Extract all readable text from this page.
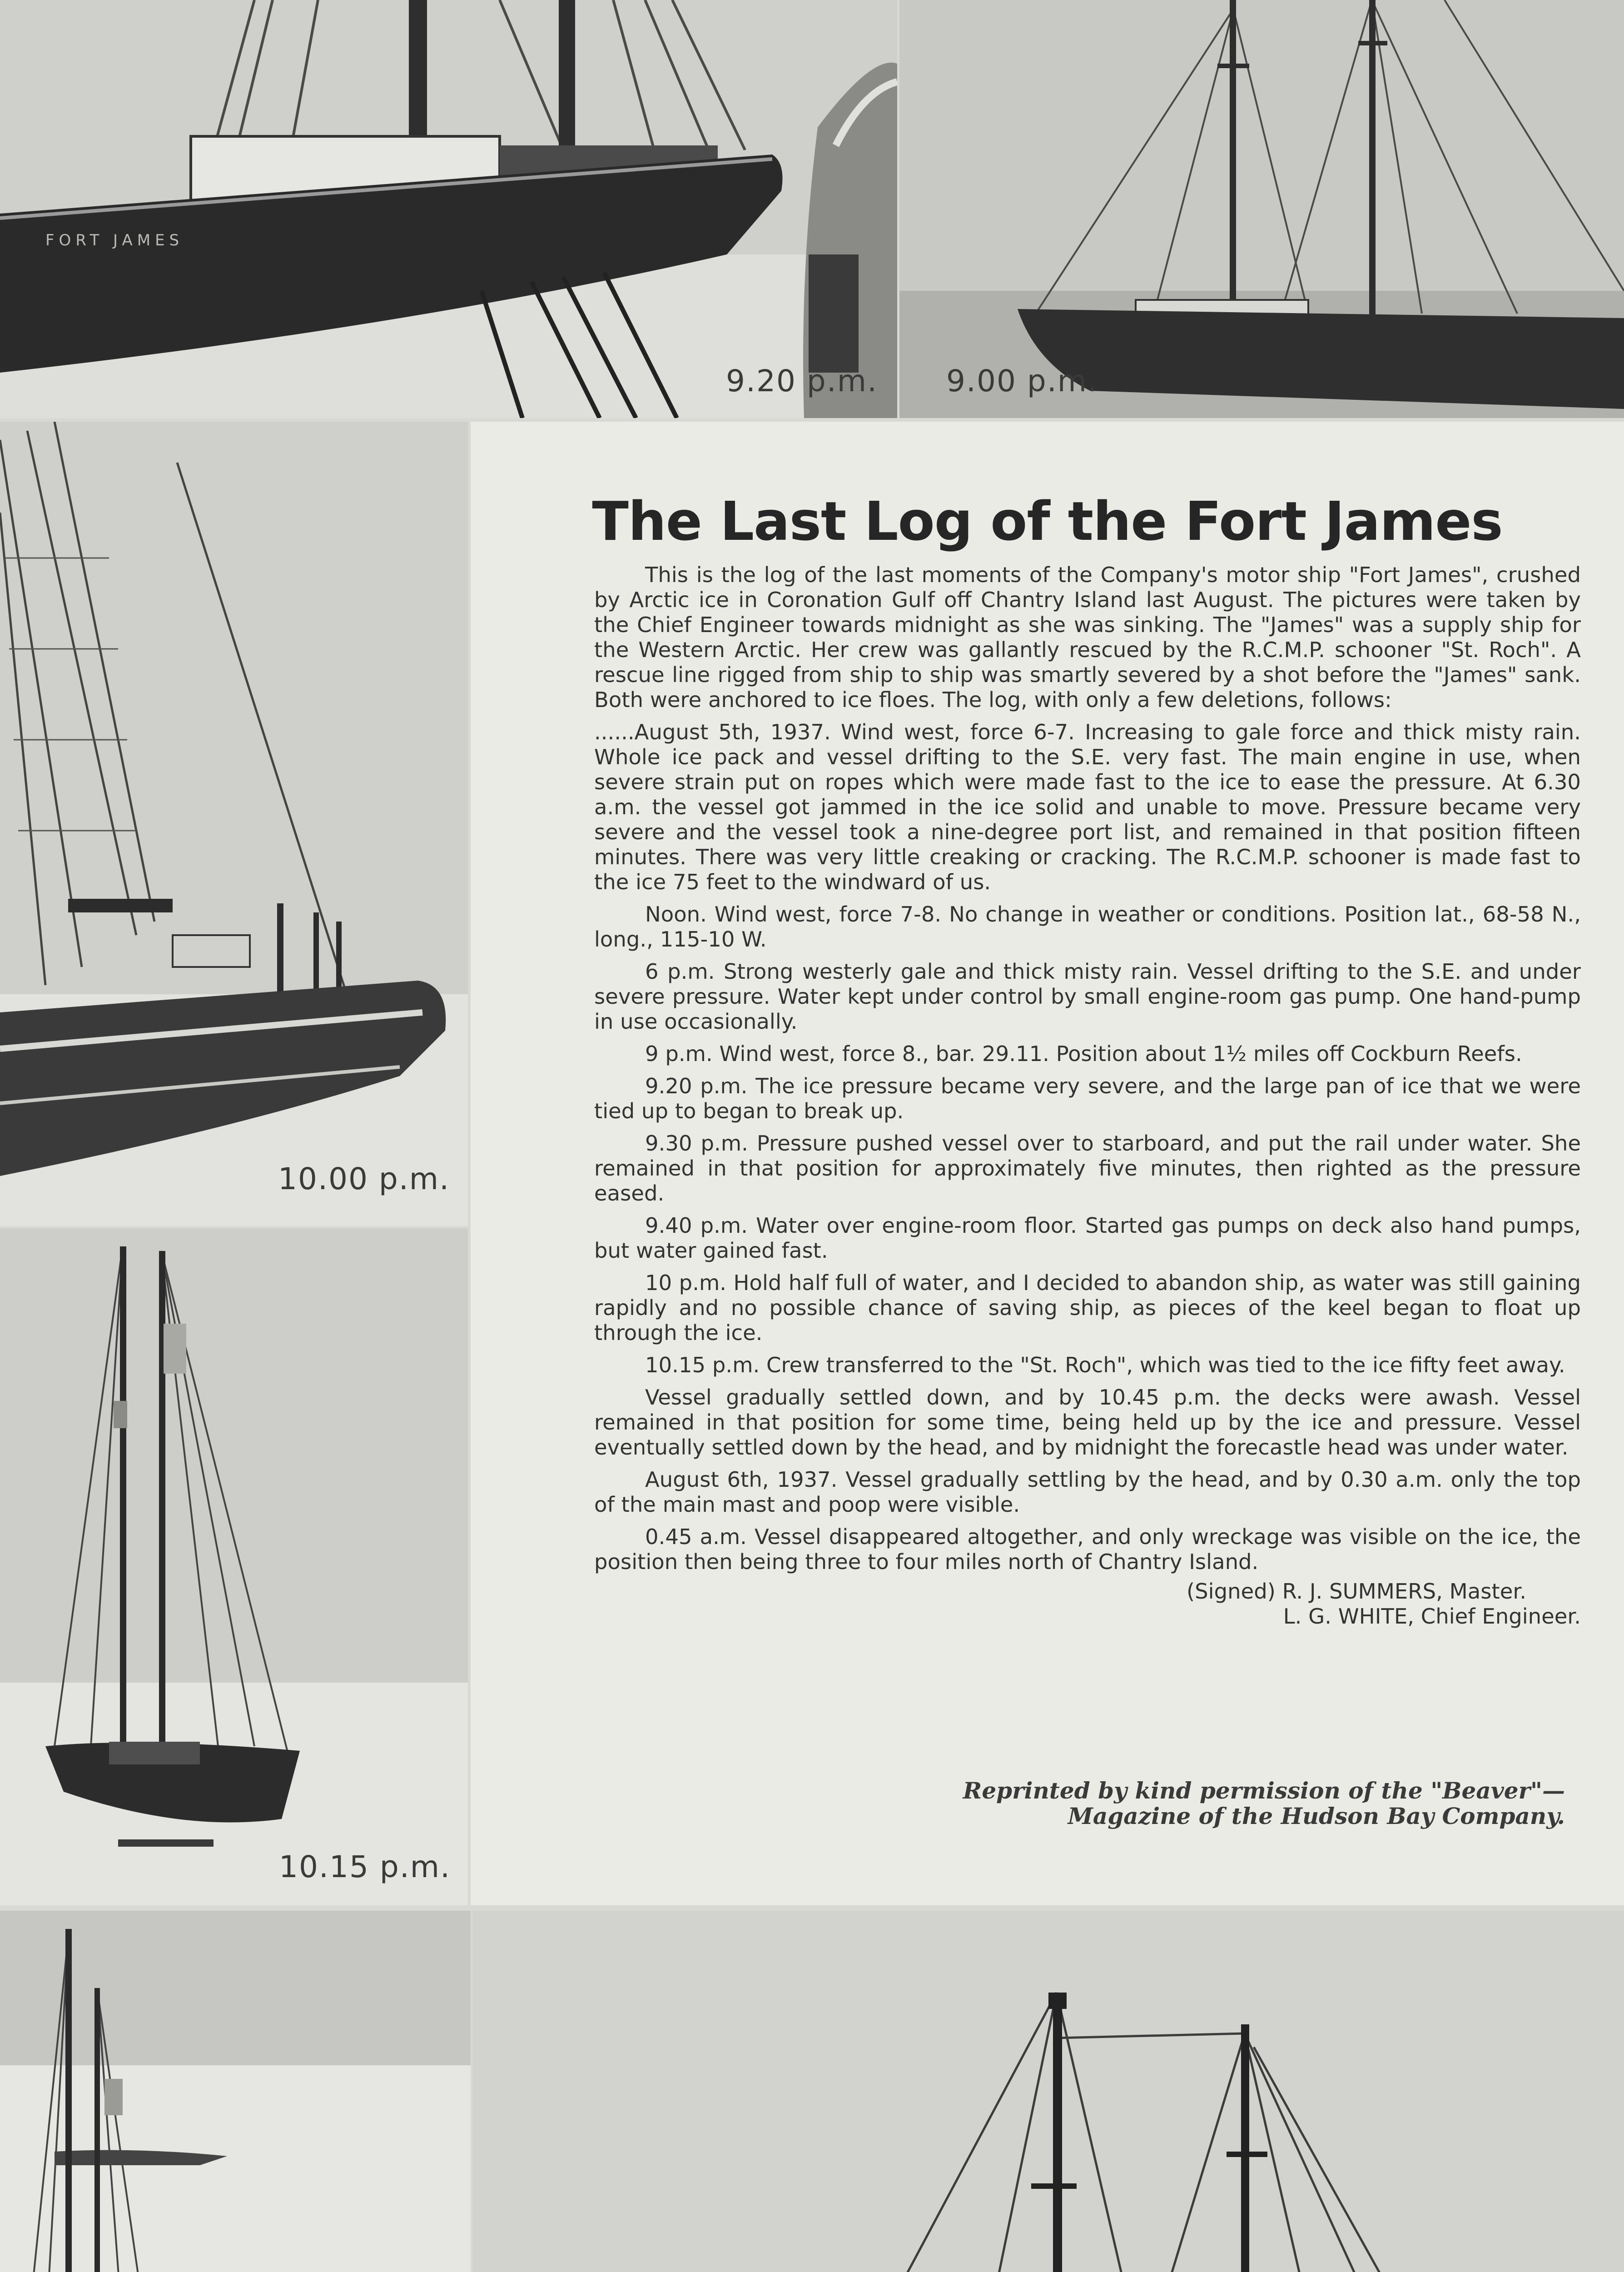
FORT JAMES
9.20 p.m. 9.00 p.m.
10.00 p.m.
10.15 p.m.
The Last Log of the Fort James

This is the log of the last moments of the Company's motor ship "Fort James", crushed by Arctic ice in Coronation Gulf off Chantry Island last August. The pictures were taken by the Chief Engineer towards midnight as she was sinking. The "James" was a supply ship for the Western Arctic. Her crew was gallantly rescued by the R.C.M.P. schooner "St. Roch". A rescue line rigged from ship to ship was smartly severed by a shot before the "James" sank. Both were anchored to ice floes. The log, with only a few deletions, follows:

......August 5th, 1937. Wind west, force 6-7. Increasing to gale force and thick misty rain. Whole ice pack and vessel drifting to the S.E. very fast. The main engine in use, when severe strain put on ropes which were made fast to the ice to ease the pressure. At 6.30 a.m. the vessel got jammed in the ice solid and unable to move. Pressure became very severe and the vessel took a nine-degree port list, and remained in that position fifteen minutes. There was very little creaking or cracking. The R.C.M.P. schooner is made fast to the ice 75 feet to the windward of us.

Noon. Wind west, force 7-8. No change in weather or conditions. Position lat., 68-58 N., long., 115-10 W.

6 p.m. Strong westerly gale and thick misty rain. Vessel drifting to the S.E. and under severe pressure. Water kept under control by small engine-room gas pump. One hand-pump in use occasionally.

9 p.m. Wind west, force 8., bar. 29.11. Position about 1½ miles off Cockburn Reefs.

9.20 p.m. The ice pressure became very severe, and the large pan of ice that we were tied up to began to break up.

9.30 p.m. Pressure pushed vessel over to starboard, and put the rail under water. She remained in that position for approximately five minutes, then righted as the pressure eased.

9.40 p.m. Water over engine-room floor. Started gas pumps on deck also hand pumps, but water gained fast.

10 p.m. Hold half full of water, and I decided to abandon ship, as water was still gaining rapidly and no possible chance of saving ship, as pieces of the keel began to float up through the ice.

10.15 p.m. Crew transferred to the "St. Roch", which was tied to the ice fifty feet away.

Vessel gradually settled down, and by 10.45 p.m. the decks were awash. Vessel remained in that position for some time, being held up by the ice and pressure. Vessel eventually settled down by the head, and by midnight the forecastle head was under water.

August 6th, 1937. Vessel gradually settling by the head, and by 0.30 a.m. only the top of the main mast and poop were visible.

0.45 a.m. Vessel disappeared altogether, and only wreckage was visible on the ice, the position then being three to four miles north of Chantry Island.

(Signed) R. J. SUMMERS, Master.
L. G. WHITE, Chief Engineer.
Reprinted by kind permission of the "Beaver"—
Magazine of the Hudson Bay Company.
